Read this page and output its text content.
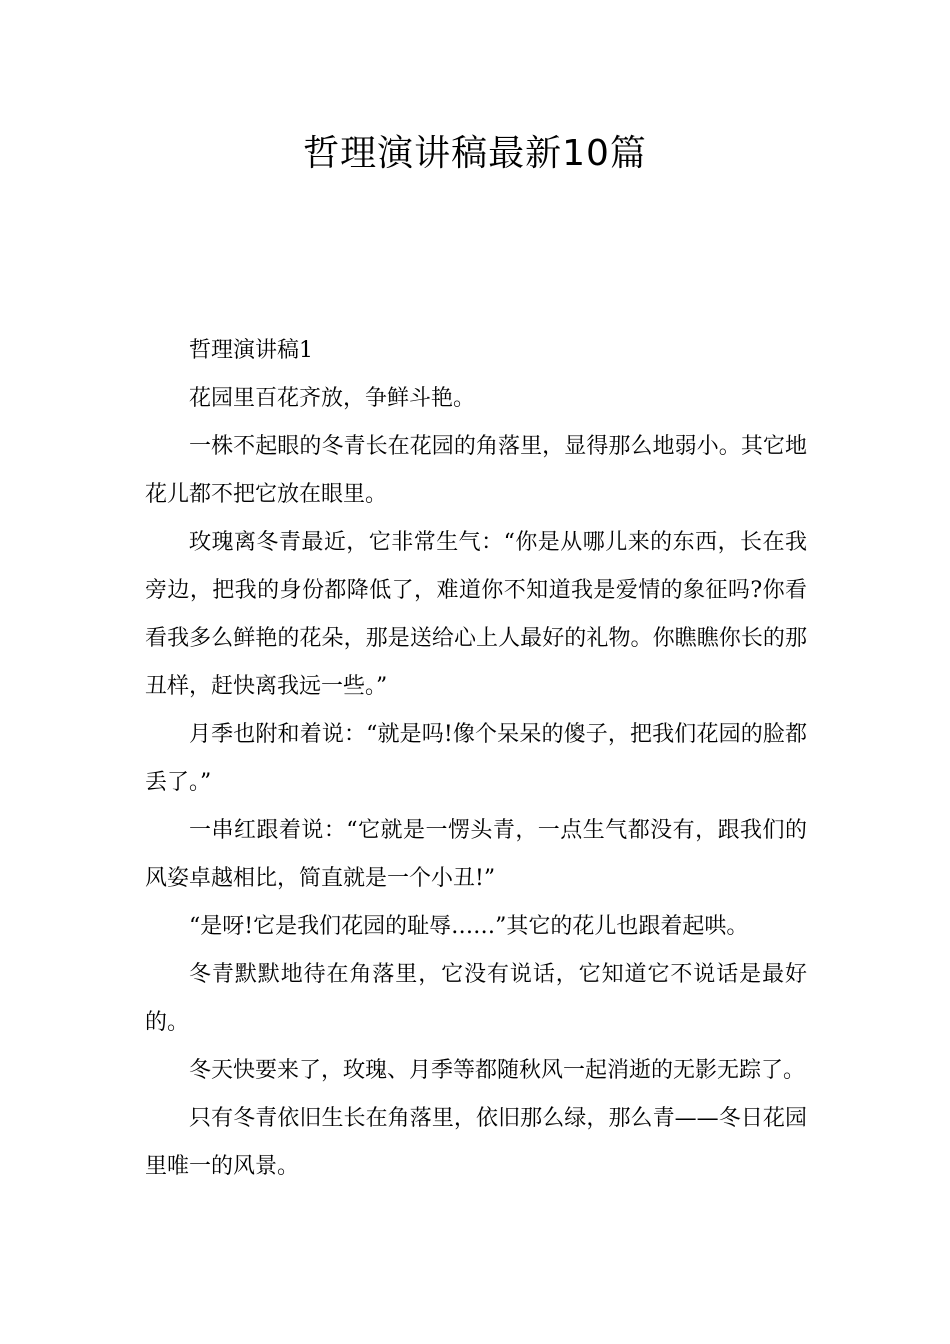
哲理演讲稿最新10篇

哲理演讲稿1

花园里百花齐放，争鲜斗艳。

一株不起眼的冬青长在花园的角落里，显得那么地弱小。其它地花儿都不把它放在眼里。

玫瑰离冬青最近，它非常生气：“你是从哪儿来的东西，长在我旁边，把我的身份都降低了，难道你不知道我是爱情的象征吗?你看看我多么鲜艳的花朵，那是送给心上人最好的礼物。你瞧瞧你长的那丑样，赶快离我远一些。”

月季也附和着说：“就是吗!像个呆呆的傻子，把我们花园的脸都丢了。”

一串红跟着说：“它就是一愣头青，一点生气都没有，跟我们的风姿卓越相比，简直就是一个小丑!”

“是呀!它是我们花园的耻辱……”其它的花儿也跟着起哄。

冬青默默地待在角落里，它没有说话，它知道它不说话是最好的。

冬天快要来了，玫瑰、月季等都随秋风一起消逝的无影无踪了。

只有冬青依旧生长在角落里，依旧那么绿，那么青——冬日花园里唯一的风景。
